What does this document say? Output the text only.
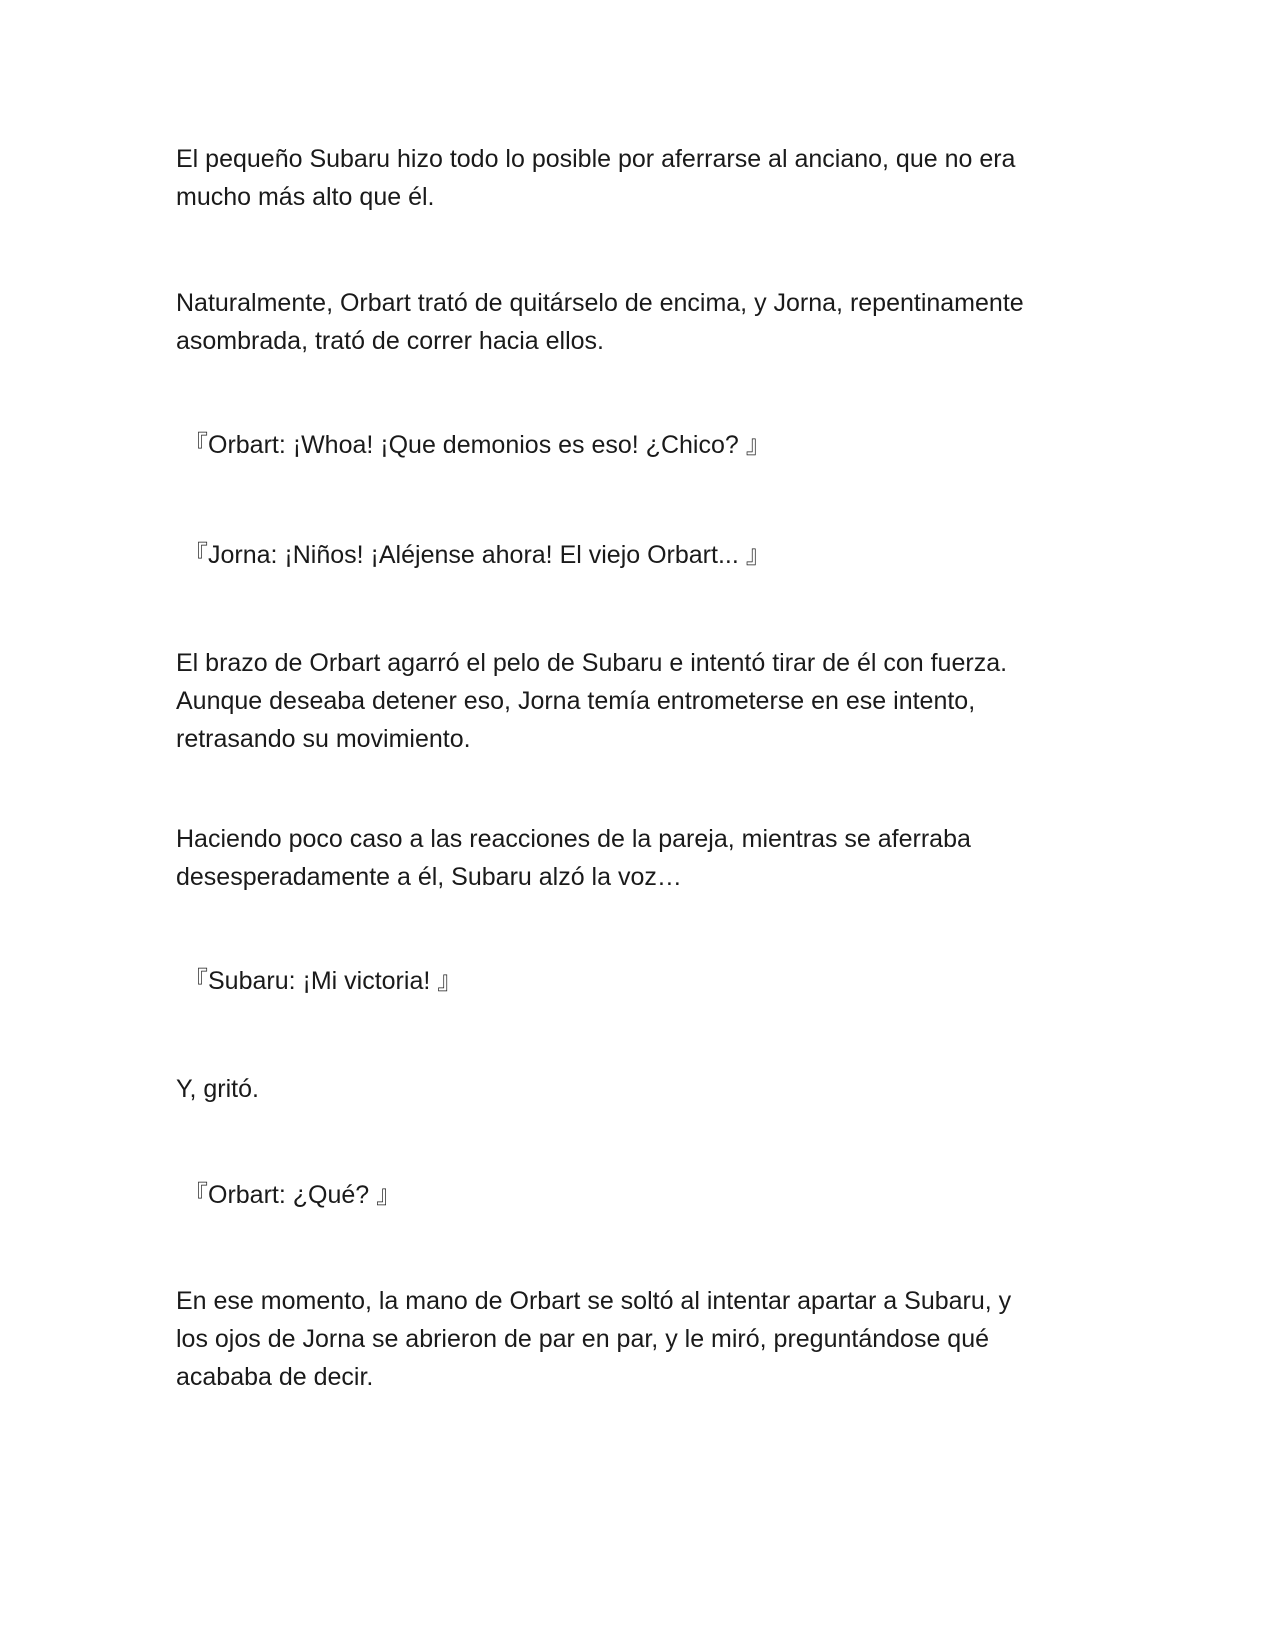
El pequeño Subaru hizo todo lo posible por aferrarse al anciano, que no era
mucho más alto que él.

Naturalmente, Orbart trató de quitárselo de encima, y Jorna, repentinamente
asombrada, trató de correr hacia ellos.

『Orbart: ¡Whoa! ¡Que demonios es eso! ¿Chico? 』

『Jorna: ¡Niños! ¡Aléjense ahora! El viejo Orbart... 』

El brazo de Orbart agarró el pelo de Subaru e intentó tirar de él con fuerza.
Aunque deseaba detener eso, Jorna temía entrometerse en ese intento,
retrasando su movimiento.

Haciendo poco caso a las reacciones de la pareja, mientras se aferraba
desesperadamente a él, Subaru alzó la voz…

『Subaru: ¡Mi victoria! 』

Y, gritó.

『Orbart: ¿Qué? 』

En ese momento, la mano de Orbart se soltó al intentar apartar a Subaru, y
los ojos de Jorna se abrieron de par en par, y le miró, preguntándose qué
acababa de decir.
